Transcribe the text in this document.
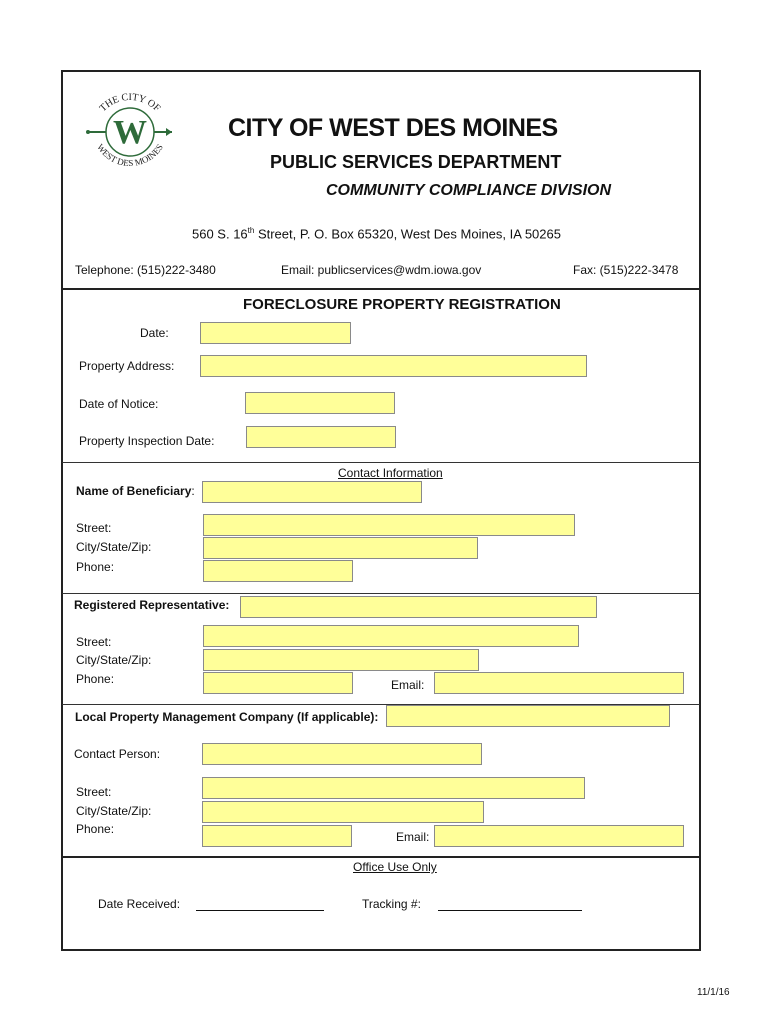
W
THE CITY OF
WEST DES MOINES
CITY OF WEST DES MOINES
PUBLIC SERVICES DEPARTMENT
COMMUNITY COMPLIANCE DIVISION
560 S. 16th Street, P. O. Box 65320, West Des Moines, IA 50265
Telephone: (515)222-3480	Email: publicservices@wdm.iowa.gov	Fax: (515)222-3478
FORECLOSURE PROPERTY REGISTRATION
Date:
Property Address:
Date of Notice:
Property Inspection Date:
Contact Information
Name of Beneficiary:
Street:
City/State/Zip:
Phone:
Registered Representative:
Street:
City/State/Zip:
Phone:	Email:
Local Property Management Company (If applicable):
Contact Person:
Street:
City/State/Zip:
Phone:
Email:
Office Use Only
Date Received:	Tracking #:
11/1/16
